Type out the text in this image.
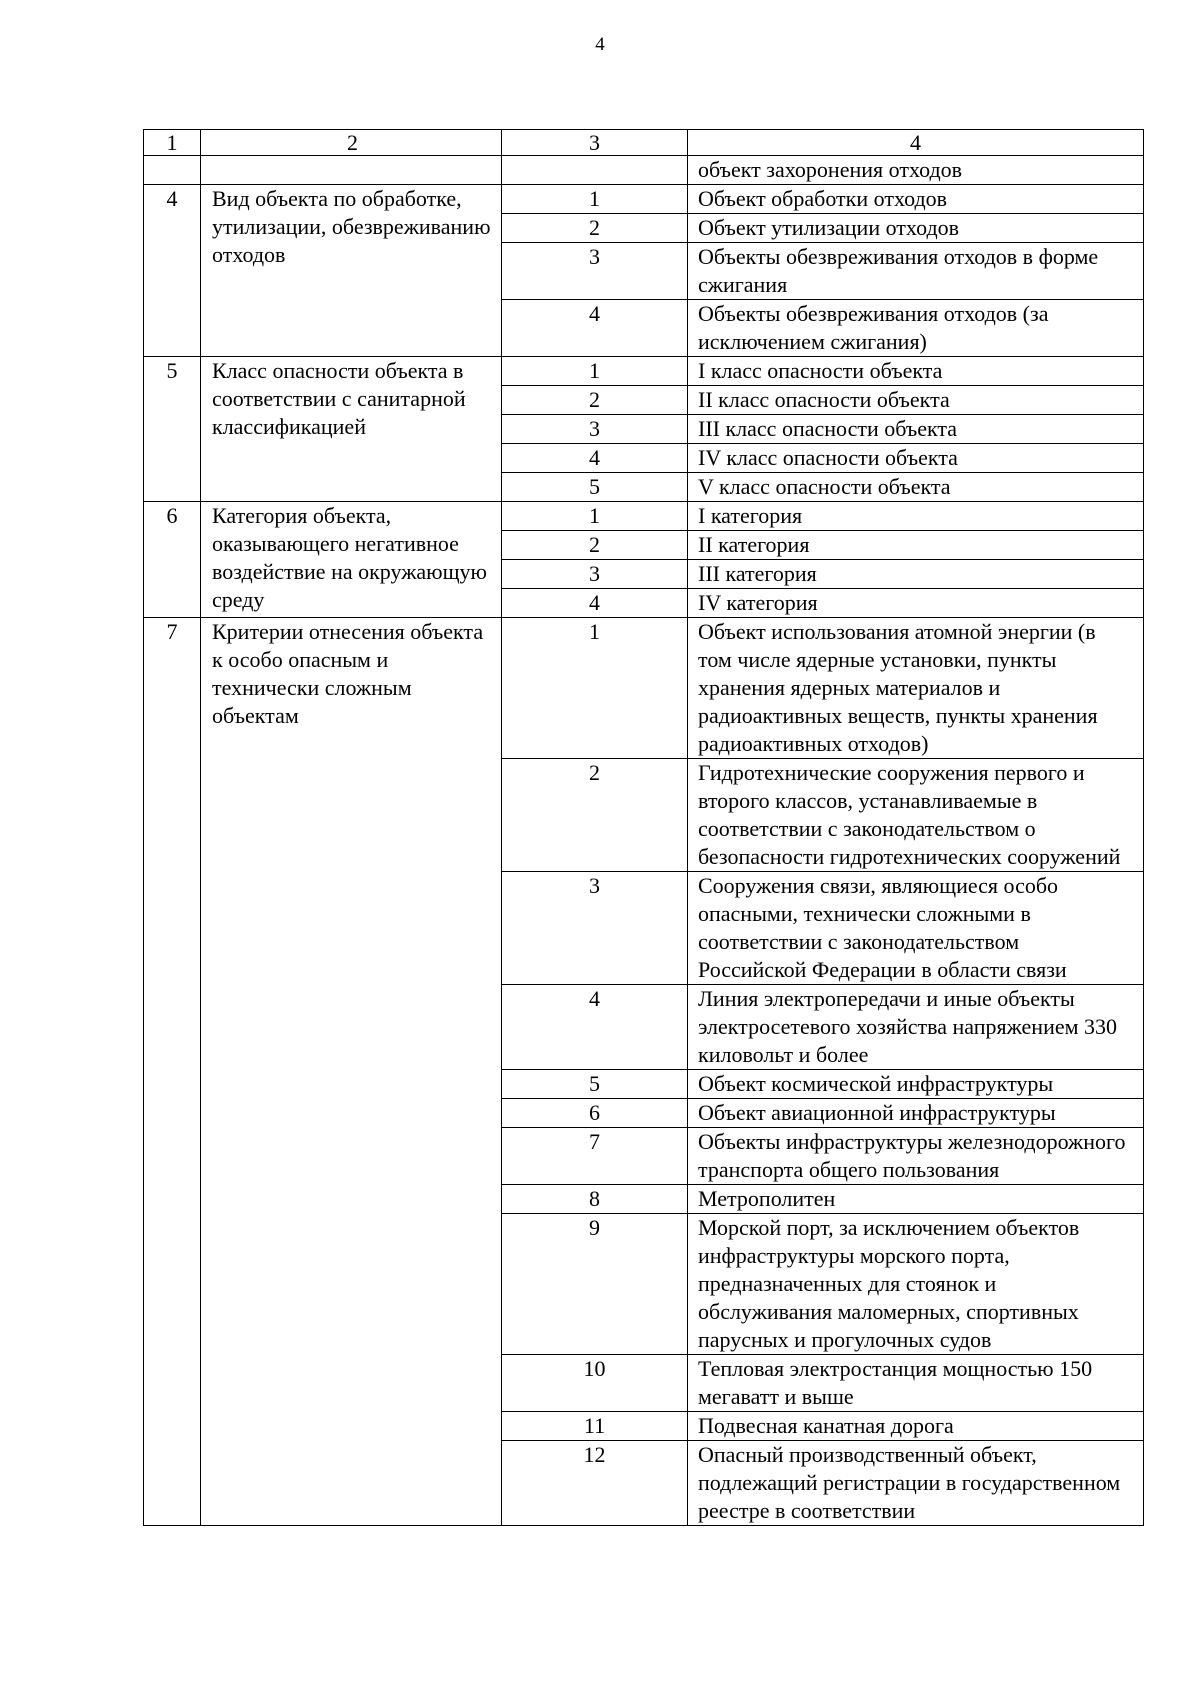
4
1	2	3	4
			объект захоронения отходов
4	Вид объекта по обработке, утилизации, обезвреживанию отходов	1	Объект обработки отходов
		2	Объект утилизации отходов
		3	Объекты обезвреживания отходов в форме сжигания
		4	Объекты обезвреживания отходов (за исключением сжигания)
5	Класс опасности объекта в соответствии с санитарной классификацией	1	I класс опасности объекта
		2	II класс опасности объекта
		3	III класс опасности объекта
		4	IV класс опасности объекта
		5	V класс опасности объекта
6	Категория объекта, оказывающего негативное воздействие на окружающую среду	1	I категория
		2	II категория
		3	III категория
		4	IV категория
7	Критерии отнесения объекта к особо опасным и технически сложным объектам	1	Объект использования атомной энергии (в том числе ядерные установки, пункты хранения ядерных материалов и радиоактивных веществ, пункты хранения радиоактивных отходов)
		2	Гидротехнические сооружения первого и второго классов, устанавливаемые в соответствии с законодательством о безопасности гидротехнических сооружений
		3	Сооружения связи, являющиеся особо опасными, технически сложными в соответствии с законодательством Российской Федерации в области связи
		4	Линия электропередачи и иные объекты электросетевого хозяйства напряжением 330 киловольт и более
		5	Объект космической инфраструктуры
		6	Объект авиационной инфраструктуры
		7	Объекты инфраструктуры железнодорожного транспорта общего пользования
		8	Метрополитен
		9	Морской порт, за исключением объектов инфраструктуры морского порта, предназначенных для стоянок и обслуживания маломерных, спортивных парусных и прогулочных судов
		10	Тепловая электростанция мощностью 150 мегаватт и выше
		11	Подвесная канатная дорога
		12	Опасный производственный объект, подлежащий регистрации в государственном реестре в соответствии
